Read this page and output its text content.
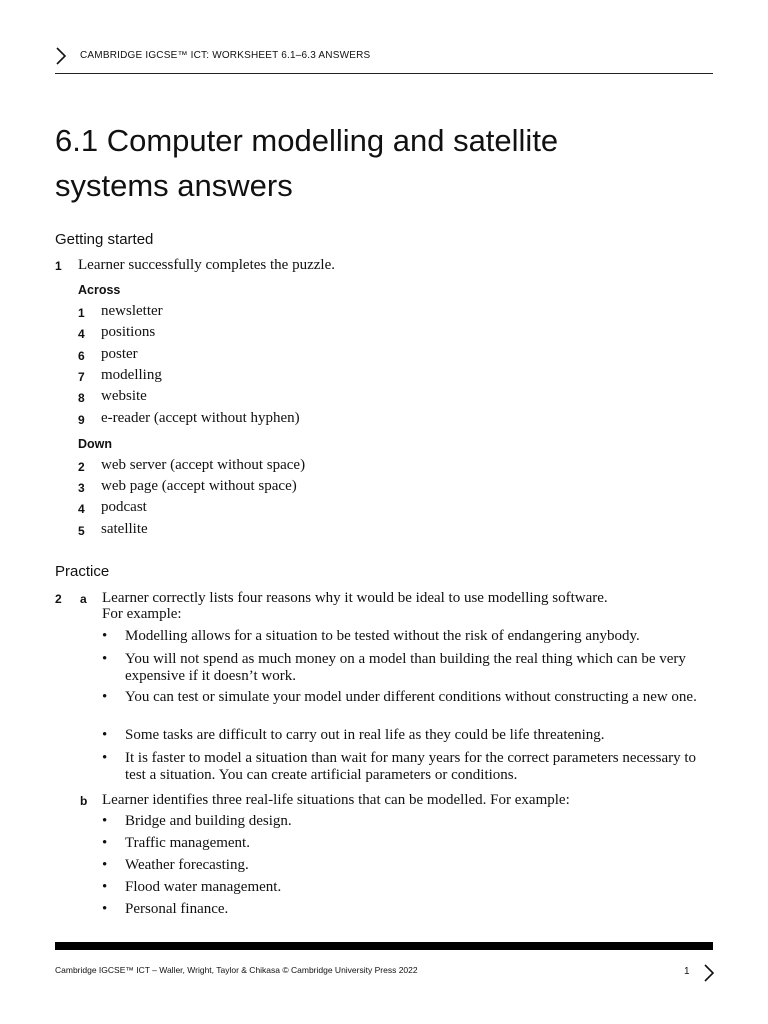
CAMBRIDGE IGCSE™ ICT: WORKSHEET 6.1–6.3 ANSWERS
6.1 Computer modelling and satellite
systems answers
Getting started
1 Learner successfully completes the puzzle.
Across
1 newsletter
4 positions
6 poster
7 modelling
8 website
9 e-reader (accept without hyphen)
Down
2 web server (accept without space)
3 web page (accept without space)
4 podcast
5 satellite
Practice
2 a Learner correctly lists four reasons why it would be ideal to use modelling software.
For example:
• Modelling allows for a situation to be tested without the risk of endangering anybody.
• You will not spend as much money on a model than building the real thing which can be very expensive if it doesn’t work.
• You can test or simulate your model under different conditions without constructing a new one.
• Some tasks are difficult to carry out in real life as they could be life threatening.
• It is faster to model a situation than wait for many years for the correct parameters necessary to test a situation. You can create artificial parameters or conditions.
b Learner identifies three real-life situations that can be modelled. For example:
• Bridge and building design.
• Traffic management.
• Weather forecasting.
• Flood water management.
• Personal finance.
Cambridge IGCSE™ ICT – Waller, Wright, Taylor & Chikasa © Cambridge University Press 2022	1
